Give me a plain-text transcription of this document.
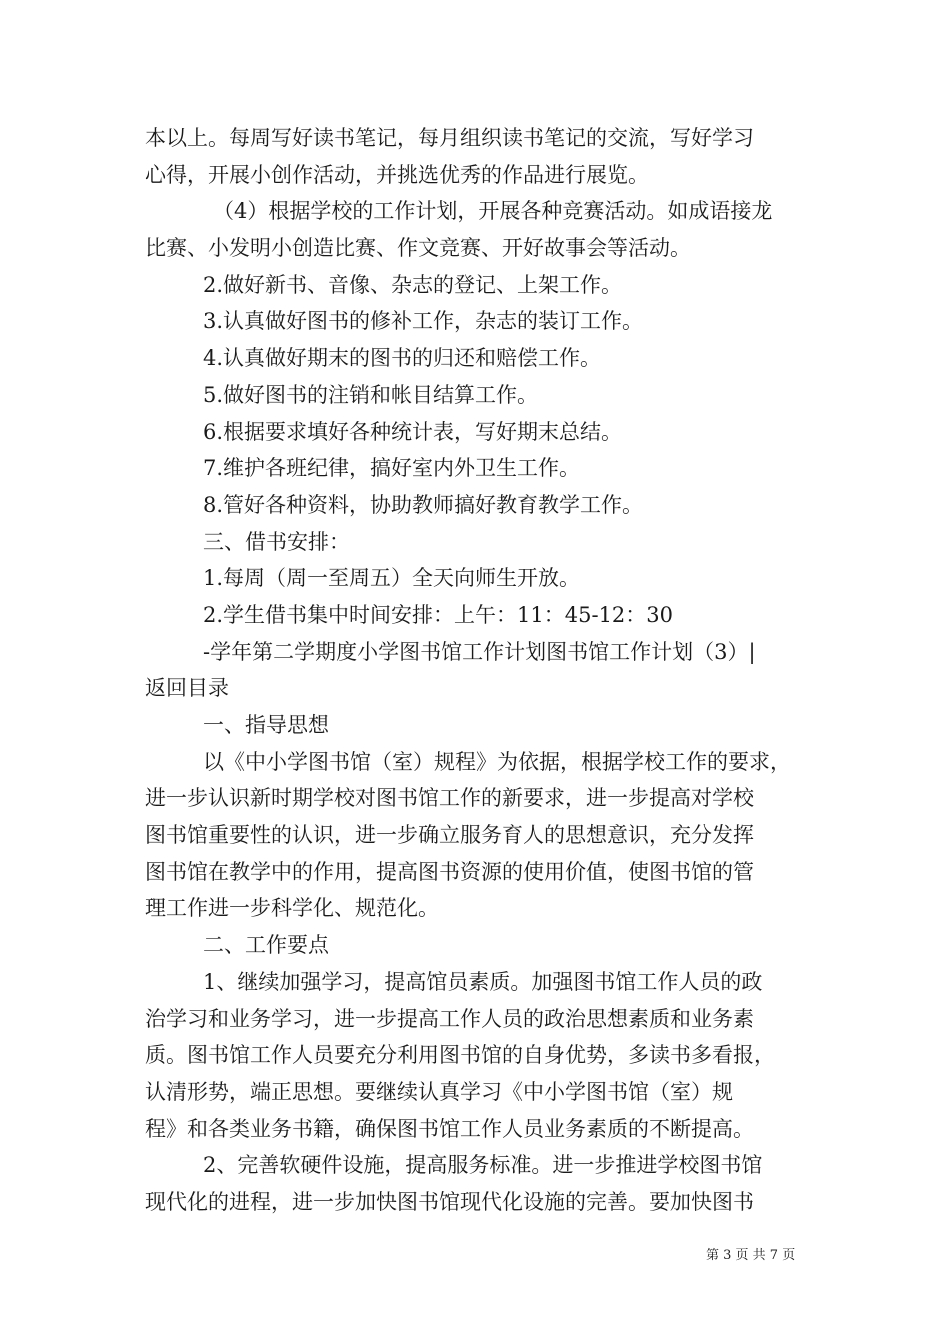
本以上。每周写好读书笔记，每月组织读书笔记的交流，写好学习
心得，开展小创作活动，并挑选优秀的作品进行展览。
（4）根据学校的工作计划，开展各种竞赛活动。如成语接龙
比赛、小发明小创造比赛、作文竞赛、开好故事会等活动。
2.做好新书、音像、杂志的登记、上架工作。
3.认真做好图书的修补工作，杂志的装订工作。
4.认真做好期末的图书的归还和赔偿工作。
5.做好图书的注销和帐目结算工作。
6.根据要求填好各种统计表，写好期末总结。
7.维护各班纪律，搞好室内外卫生工作。
8.管好各种资料，协助教师搞好教育教学工作。
三、借书安排：
1.每周（周一至周五）全天向师生开放。
2.学生借书集中时间安排：上午：11：45-12：30
-学年第二学期度小学图书馆工作计划图书馆工作计划（3）|
返回目录
一、指导思想
以《中小学图书馆（室）规程》为依据，根据学校工作的要求，
进一步认识新时期学校对图书馆工作的新要求，进一步提高对学校
图书馆重要性的认识，进一步确立服务育人的思想意识，充分发挥
图书馆在教学中的作用，提高图书资源的使用价值，使图书馆的管
理工作进一步科学化、规范化。
二、工作要点
1、继续加强学习，提高馆员素质。加强图书馆工作人员的政
治学习和业务学习，进一步提高工作人员的政治思想素质和业务素
质。图书馆工作人员要充分利用图书馆的自身优势，多读书多看报，
认清形势，端正思想。要继续认真学习《中小学图书馆（室）规
程》和各类业务书籍，确保图书馆工作人员业务素质的不断提高。
2、完善软硬件设施，提高服务标准。进一步推进学校图书馆
现代化的进程，进一步加快图书馆现代化设施的完善。要加快图书
第 3 页 共 7 页
